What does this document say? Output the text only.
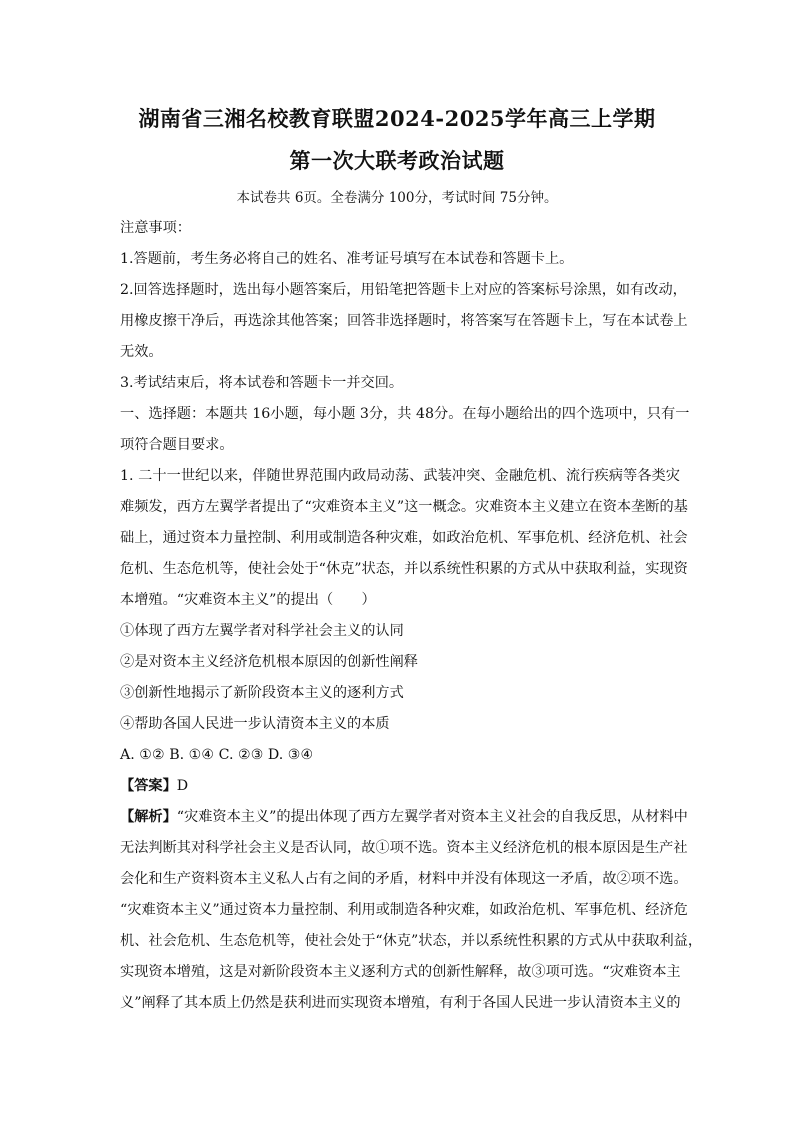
湖南省三湘名校教育联盟2024-2025学年高三上学期
第一次大联考政治试题
本试卷共 6页。全卷满分 100分，考试时间 75分钟。

注意事项：

1.答题前，考生务必将自己的姓名、准考证号填写在本试卷和答题卡上。

2.回答选择题时，选出每小题答案后，用铅笔把答题卡上对应的答案标号涂黑，如有改动，

用橡皮擦干净后，再选涂其他答案；回答非选择题时，将答案写在答题卡上，写在本试卷上

无效。

3.考试结束后，将本试卷和答题卡一并交回。

一、选择题：本题共 16小题，每小题 3分，共 48分。在每小题给出的四个选项中，只有一

项符合题目要求。

1. 二十一世纪以来，伴随世界范围内政局动荡、武装冲突、金融危机、流行疾病等各类灾

难频发，西方左翼学者提出了“灾难资本主义”这一概念。灾难资本主义建立在资本垄断的基

础上，通过资本力量控制、利用或制造各种灾难，如政治危机、军事危机、经济危机、社会

危机、生态危机等，使社会处于“休克”状态，并以系统性积累的方式从中获取利益，实现资

本增殖。“灾难资本主义”的提出（　　）

①体现了西方左翼学者对科学社会主义的认同

②是对资本主义经济危机根本原因的创新性阐释

③创新性地揭示了新阶段资本主义的逐利方式

④帮助各国人民进一步认清资本主义的本质

A. ①② B. ①④ C. ②③ D. ③④

【答案】D

【解析】“灾难资本主义”的提出体现了西方左翼学者对资本主义社会的自我反思，从材料中

无法判断其对科学社会主义是否认同，故①项不选。资本主义经济危机的根本原因是生产社

会化和生产资料资本主义私人占有之间的矛盾，材料中并没有体现这一矛盾，故②项不选。

“灾难资本主义”通过资本力量控制、利用或制造各种灾难，如政治危机、军事危机、经济危

机、社会危机、生态危机等，使社会处于“休克”状态，并以系统性积累的方式从中获取利益，

实现资本增殖，这是对新阶段资本主义逐利方式的创新性解释，故③项可选。“灾难资本主

义”阐释了其本质上仍然是获利进而实现资本增殖，有利于各国人民进一步认清资本主义的
